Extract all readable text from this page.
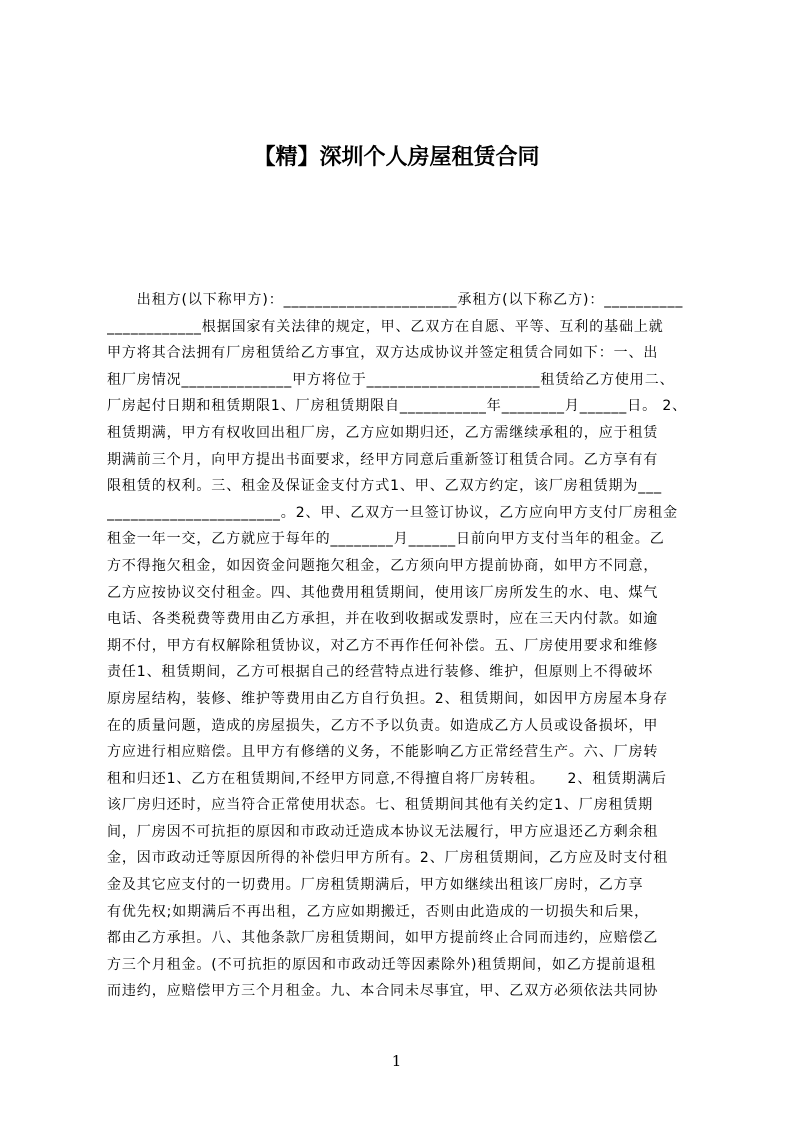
【精】深圳个人房屋租赁合同
　　出租方(以下称甲方)：______________________承租方(以下称乙方)：__________
____________根据国家有关法律的规定，甲、乙双方在自愿、平等、互利的基础上就
甲方将其合法拥有厂房租赁给乙方事宜，双方达成协议并签定租赁合同如下：一、出
租厂房情况______________甲方将位于______________________租赁给乙方使用二、
厂房起付日期和租赁期限1、厂房租赁期限自___________年________月______日。 2、
租赁期满，甲方有权收回出租厂房，乙方应如期归还，乙方需继续承租的，应于租赁
期满前三个月，向甲方提出书面要求，经甲方同意后重新签订租赁合同。乙方享有有
限租赁的权利。三、租金及保证金支付方式1、甲、乙双方约定，该厂房租赁期为___
______________________。2、甲、乙双方一旦签订协议，乙方应向甲方支付厂房租金
租金一年一交，乙方就应于每年的________月______日前向甲方支付当年的租金。乙
方不得拖欠租金，如因资金问题拖欠租金，乙方须向甲方提前协商，如甲方不同意，
乙方应按协议交付租金。四、其他费用租赁期间，使用该厂房所发生的水、电、煤气
电话、各类税费等费用由乙方承担，并在收到收据或发票时，应在三天内付款。如逾
期不付，甲方有权解除租赁协议，对乙方不再作任何补偿。五、厂房使用要求和维修
责任1、租赁期间，乙方可根据自己的经营特点进行装修、维护，但原则上不得破坏
原房屋结构，装修、维护等费用由乙方自行负担。2、租赁期间，如因甲方房屋本身存
在的质量问题，造成的房屋损失，乙方不予以负责。如造成乙方人员或设备损坏，甲
方应进行相应赔偿。且甲方有修缮的义务，不能影响乙方正常经营生产。六、厂房转
租和归还1、乙方在租赁期间,不经甲方同意,不得擅自将厂房转租。　　2、租赁期满后
该厂房归还时，应当符合正常使用状态。七、租赁期间其他有关约定1、厂房租赁期
间，厂房因不可抗拒的原因和市政动迁造成本协议无法履行，甲方应退还乙方剩余租
金，因市政动迁等原因所得的补偿归甲方所有。2、厂房租赁期间，乙方应及时支付租
金及其它应支付的一切费用。厂房租赁期满后，甲方如继续出租该厂房时，乙方享
有优先权;如期满后不再出租，乙方应如期搬迁，否则由此造成的一切损失和后果，
都由乙方承担。八、其他条款厂房租赁期间，如甲方提前终止合同而违约，应赔偿乙
方三个月租金。(不可抗拒的原因和市政动迁等因素除外)租赁期间，如乙方提前退租
而违约，应赔偿甲方三个月租金。九、本合同未尽事宜，甲、乙双方必须依法共同协
1
